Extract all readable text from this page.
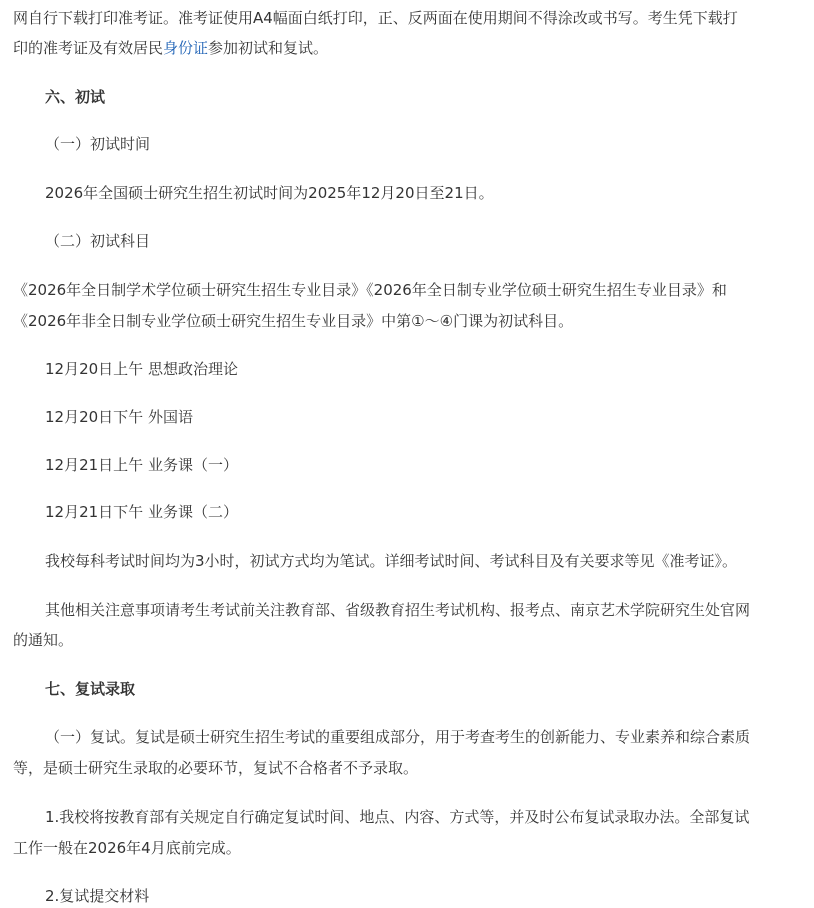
网自行下载打印准考证。准考证使用A4幅面白纸打印，正、反两面在使用期间不得涂改或书写。考生凭下载打
印的准考证及有效居民身份证参加初试和复试。
六、初试
（一）初试时间
2026年全国硕士研究生招生初试时间为2025年12月20日至21日。
（二）初试科目
《2026年全日制学术学位硕士研究生招生专业目录》《2026年全日制专业学位硕士研究生招生专业目录》和
《2026年非全日制专业学位硕士研究生招生专业目录》中第①～④门课为初试科目。
12月20日上午 思想政治理论
12月20日下午 外国语
12月21日上午 业务课（一）
12月21日下午 业务课（二）
我校每科考试时间均为3小时，初试方式均为笔试。详细考试时间、考试科目及有关要求等见《准考证》。
其他相关注意事项请考生考试前关注教育部、省级教育招生考试机构、报考点、南京艺术学院研究生处官网
的通知。
七、复试录取
（一）复试。复试是硕士研究生招生考试的重要组成部分，用于考查考生的创新能力、专业素养和综合素质
等，是硕士研究生录取的必要环节，复试不合格者不予录取。
1.我校将按教育部有关规定自行确定复试时间、地点、内容、方式等，并及时公布复试录取办法。全部复试
工作一般在2026年4月底前完成。
2.复试提交材料
